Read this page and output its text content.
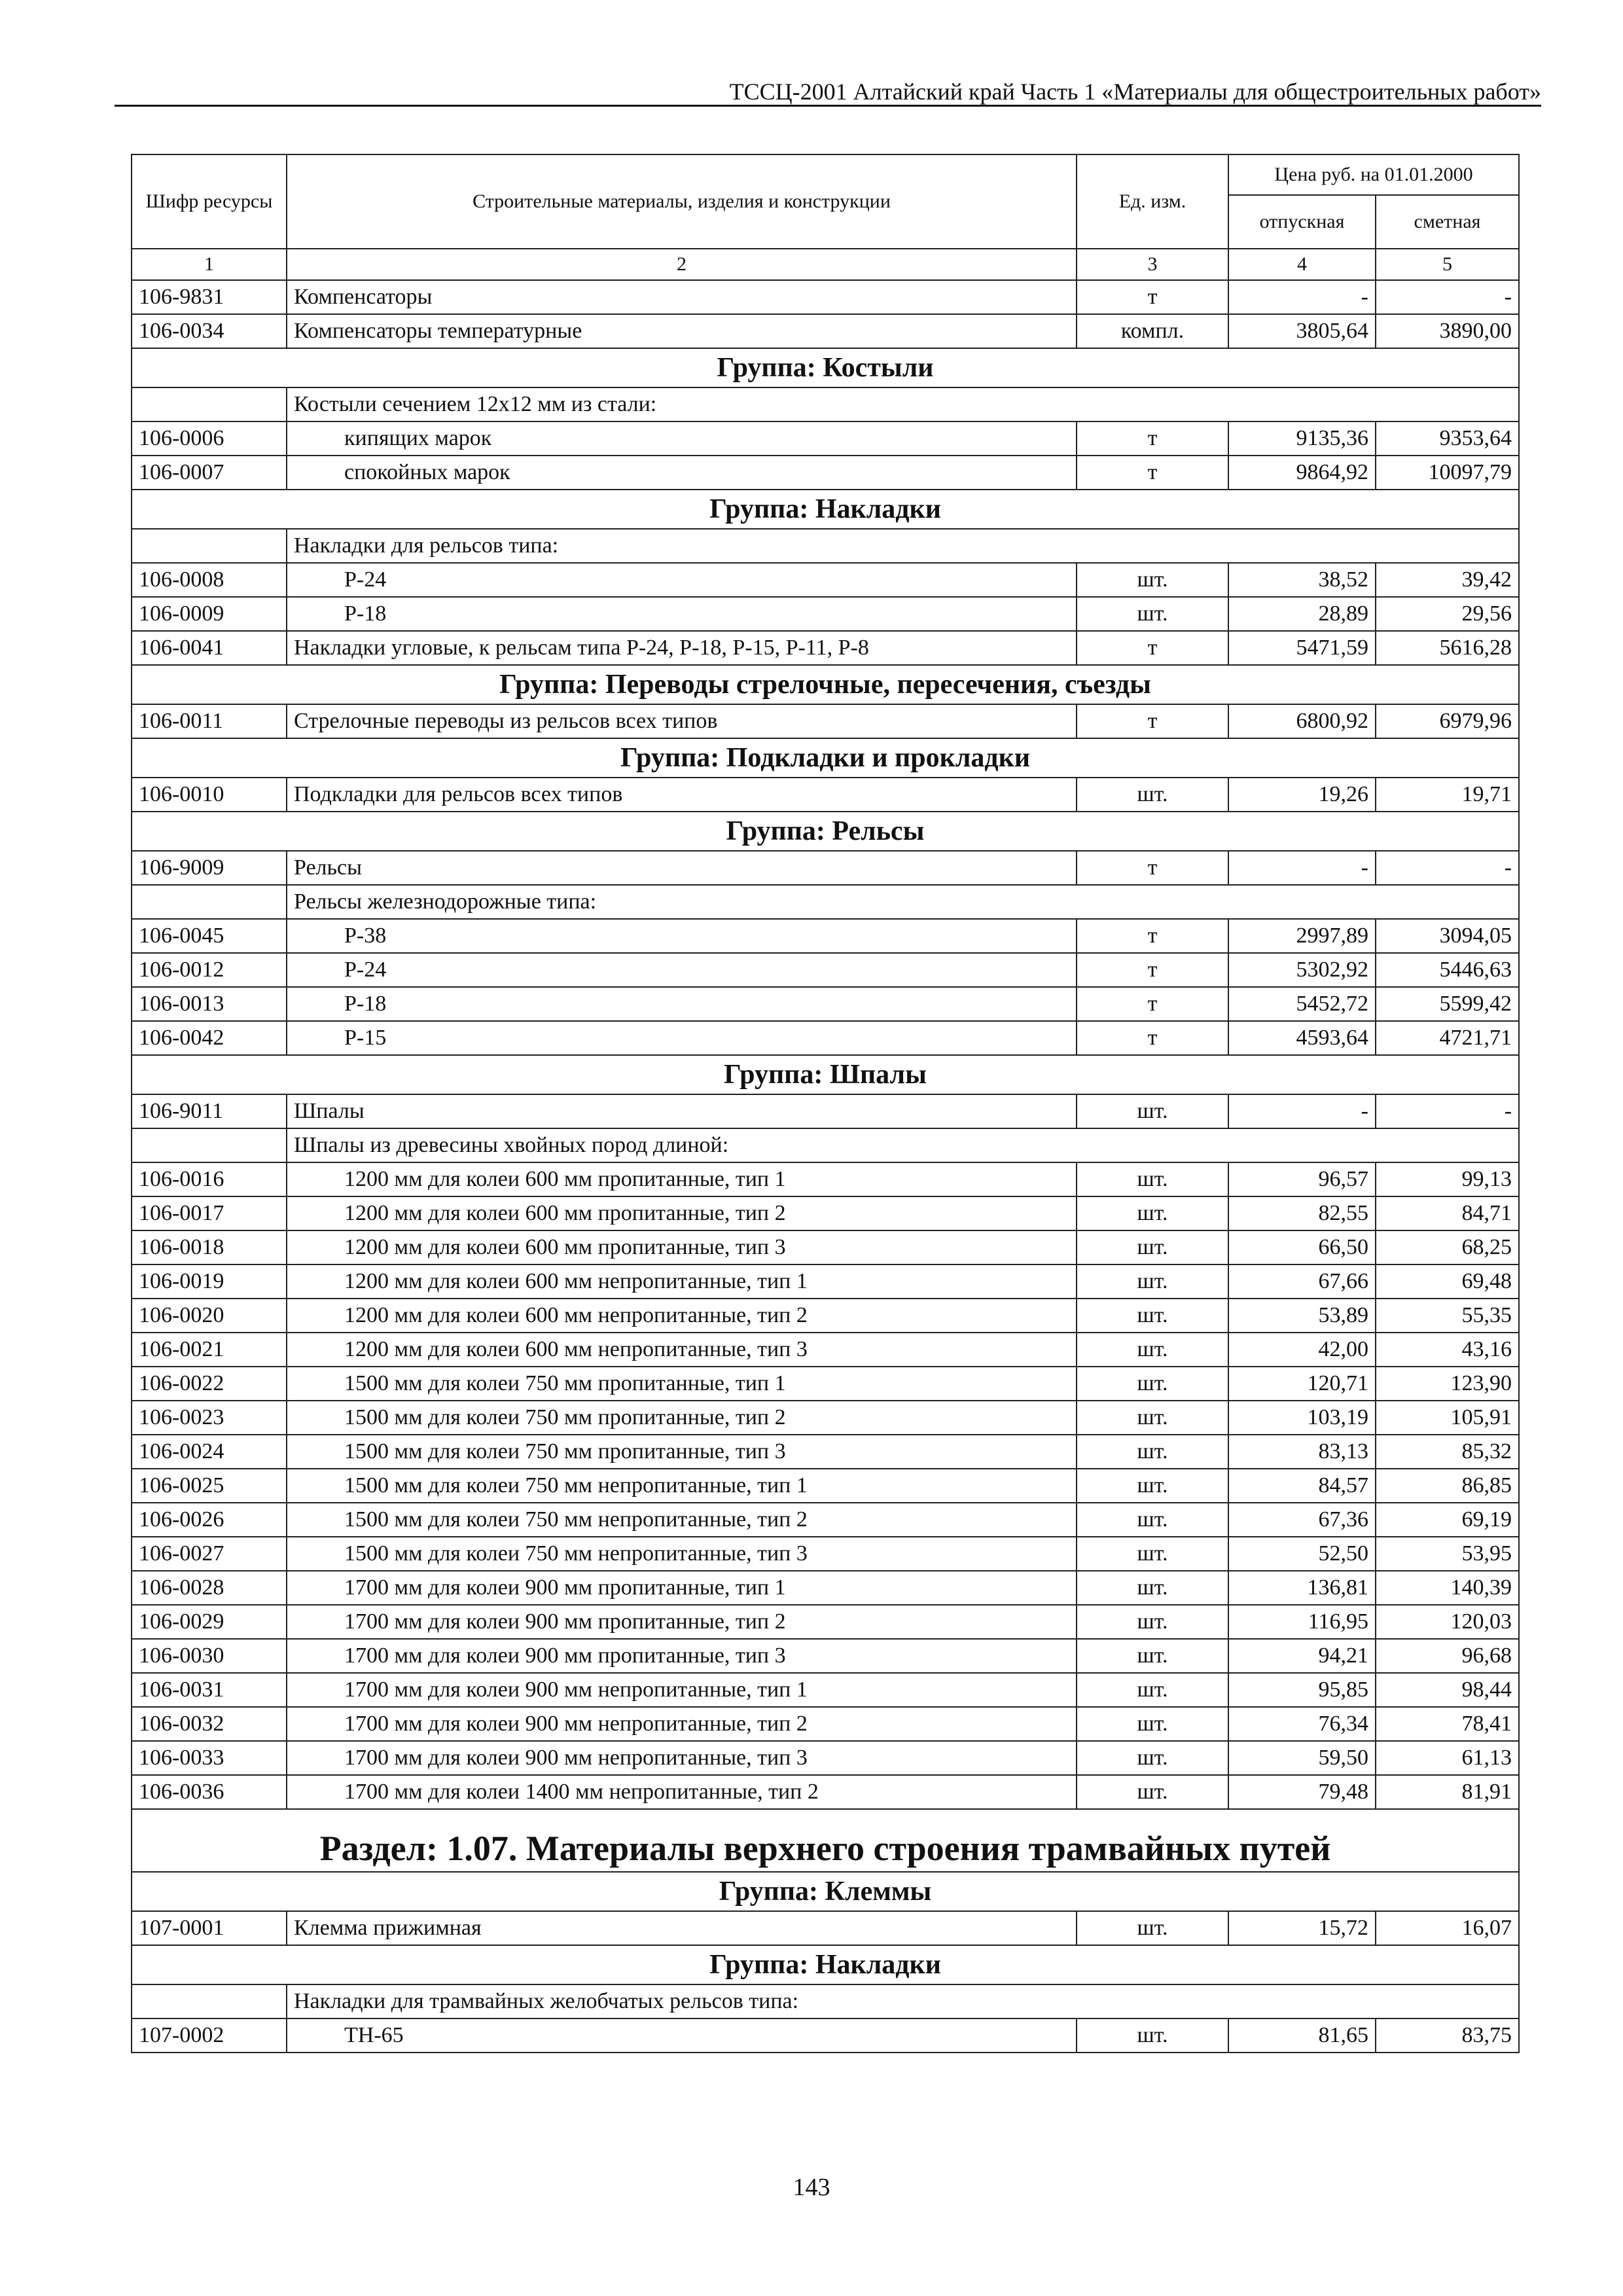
ТССЦ-2001 Алтайский край Часть 1 «Материалы для общестроительных работ»
Шифр ресурсы	Строительные материалы, изделия и конструкции	Ед. изм.	Цена руб. на 01.01.2000	
			отпускная	сметная
1	2	3	4	5
106-9831	Компенсаторы	т	-	-
106-0034	Компенсаторы температурные	компл.	3805,64	3890,00
Группа: Костыли				
	Костыли сечением 12х12 мм из стали:			
106-0006	кипящих марок	т	9135,36	9353,64
106-0007	спокойных марок	т	9864,92	10097,79
Группа: Накладки				
	Накладки для рельсов типа:			
106-0008	Р-24	шт.	38,52	39,42
106-0009	Р-18	шт.	28,89	29,56
106-0041	Накладки угловые, к рельсам типа Р-24, Р-18, Р-15, Р-11, Р-8	т	5471,59	5616,28
Группа: Переводы стрелочные, пересечения, съезды				
106-0011	Стрелочные переводы из рельсов всех типов	т	6800,92	6979,96
Группа: Подкладки и прокладки				
106-0010	Подкладки для рельсов всех типов	шт.	19,26	19,71
Группа: Рельсы				
106-9009	Рельсы	т	-	-
	Рельсы железнодорожные типа:			
106-0045	Р-38	т	2997,89	3094,05
106-0012	Р-24	т	5302,92	5446,63
106-0013	Р-18	т	5452,72	5599,42
106-0042	Р-15	т	4593,64	4721,71
Группа: Шпалы				
106-9011	Шпалы	шт.	-	-
	Шпалы из древесины хвойных пород длиной:			
106-0016	1200 мм для колеи 600 мм пропитанные, тип 1	шт.	96,57	99,13
106-0017	1200 мм для колеи 600 мм пропитанные, тип 2	шт.	82,55	84,71
106-0018	1200 мм для колеи 600 мм пропитанные, тип 3	шт.	66,50	68,25
106-0019	1200 мм для колеи 600 мм непропитанные, тип 1	шт.	67,66	69,48
106-0020	1200 мм для колеи 600 мм непропитанные, тип 2	шт.	53,89	55,35
106-0021	1200 мм для колеи 600 мм непропитанные, тип 3	шт.	42,00	43,16
106-0022	1500 мм для колеи 750 мм пропитанные, тип 1	шт.	120,71	123,90
106-0023	1500 мм для колеи 750 мм пропитанные, тип 2	шт.	103,19	105,91
106-0024	1500 мм для колеи 750 мм пропитанные, тип 3	шт.	83,13	85,32
106-0025	1500 мм для колеи 750 мм непропитанные, тип 1	шт.	84,57	86,85
106-0026	1500 мм для колеи 750 мм непропитанные, тип 2	шт.	67,36	69,19
106-0027	1500 мм для колеи 750 мм непропитанные, тип 3	шт.	52,50	53,95
106-0028	1700 мм для колеи 900 мм пропитанные, тип 1	шт.	136,81	140,39
106-0029	1700 мм для колеи 900 мм пропитанные, тип 2	шт.	116,95	120,03
106-0030	1700 мм для колеи 900 мм пропитанные, тип 3	шт.	94,21	96,68
106-0031	1700 мм для колеи 900 мм непропитанные, тип 1	шт.	95,85	98,44
106-0032	1700 мм для колеи 900 мм непропитанные, тип 2	шт.	76,34	78,41
106-0033	1700 мм для колеи 900 мм непропитанные, тип 3	шт.	59,50	61,13
106-0036	1700 мм для колеи 1400 мм непропитанные, тип 2	шт.	79,48	81,91
Раздел: 1.07. Материалы верхнего строения трамвайных путей				
Группа: Клеммы				
107-0001	Клемма прижимная	шт.	15,72	16,07
Группа: Накладки				
	Накладки для трамвайных желобчатых рельсов типа:			
107-0002	ТН-65	шт.	81,65	83,75
143
